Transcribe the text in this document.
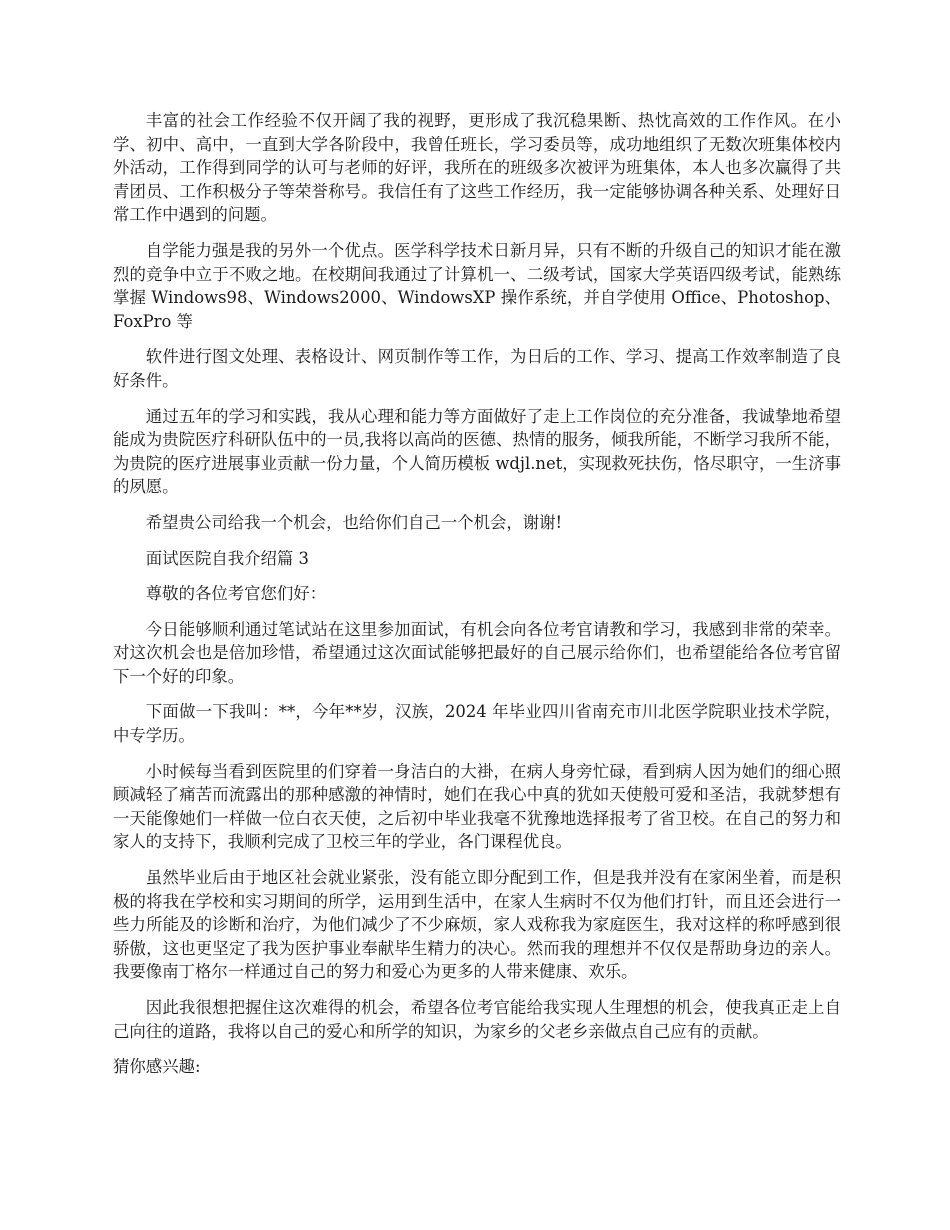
丰富的社会工作经验不仅开阔了我的视野，更形成了我沉稳果断、热忱高效的工作作风。在小学、初中、高中，一直到大学各阶段中，我曾任班长，学习委员等，成功地组织了无数次班集体校内外活动，工作得到同学的认可与老师的好评，我所在的班级多次被评为班集体，本人也多次赢得了共青团员、工作积极分子等荣誉称号。我信任有了这些工作经历，我一定能够协调各种关系、处理好日常工作中遇到的问题。

自学能力强是我的另外一个优点。医学科学技术日新月异，只有不断的升级自己的知识才能在激烈的竞争中立于不败之地。在校期间我通过了计算机一、二级考试，国家大学英语四级考试，能熟练掌握 Windows98、Windows2000、WindowsXP 操作系统，并自学使用 Office、Photoshop、FoxPro 等

软件进行图文处理、表格设计、网页制作等工作，为日后的工作、学习、提高工作效率制造了良好条件。

通过五年的学习和实践，我从心理和能力等方面做好了走上工作岗位的充分准备，我诚挚地希望能成为贵院医疗科研队伍中的一员,我将以高尚的医德、热情的服务，倾我所能，不断学习我所不能，为贵院的医疗进展事业贡献一份力量，个人简历模板 wdjl.net，实现救死扶伤，恪尽职守，一生济事的夙愿。

希望贵公司给我一个机会，也给你们自己一个机会，谢谢!

面试医院自我介绍篇 3

尊敬的各位考官您们好：

今日能够顺利通过笔试站在这里参加面试，有机会向各位考官请教和学习，我感到非常的荣幸。对这次机会也是倍加珍惜，希望通过这次面试能够把最好的自己展示给你们，也希望能给各位考官留下一个好的印象。

下面做一下我叫：**，今年**岁，汉族，2024 年毕业四川省南充市川北医学院职业技术学院，中专学历。

小时候每当看到医院里的们穿着一身洁白的大褂，在病人身旁忙碌，看到病人因为她们的细心照顾减轻了痛苦而流露出的那种感激的神情时，她们在我心中真的犹如天使般可爱和圣洁，我就梦想有一天能像她们一样做一位白衣天使，之后初中毕业我毫不犹豫地选择报考了省卫校。在自己的努力和家人的支持下，我顺利完成了卫校三年的学业，各门课程优良。

虽然毕业后由于地区社会就业紧张，没有能立即分配到工作，但是我并没有在家闲坐着，而是积极的将我在学校和实习期间的所学，运用到生活中，在家人生病时不仅为他们打针，而且还会进行一些力所能及的诊断和治疗，为他们减少了不少麻烦，家人戏称我为家庭医生，我对这样的称呼感到很骄傲，这也更坚定了我为医护事业奉献毕生精力的决心。然而我的理想并不仅仅是帮助身边的亲人。我要像南丁格尔一样通过自己的努力和爱心为更多的人带来健康、欢乐。

因此我很想把握住这次难得的机会，希望各位考官能给我实现人生理想的机会，使我真正走上自己向往的道路，我将以自己的爱心和所学的知识，为家乡的父老乡亲做点自己应有的贡献。

猜你感兴趣:
